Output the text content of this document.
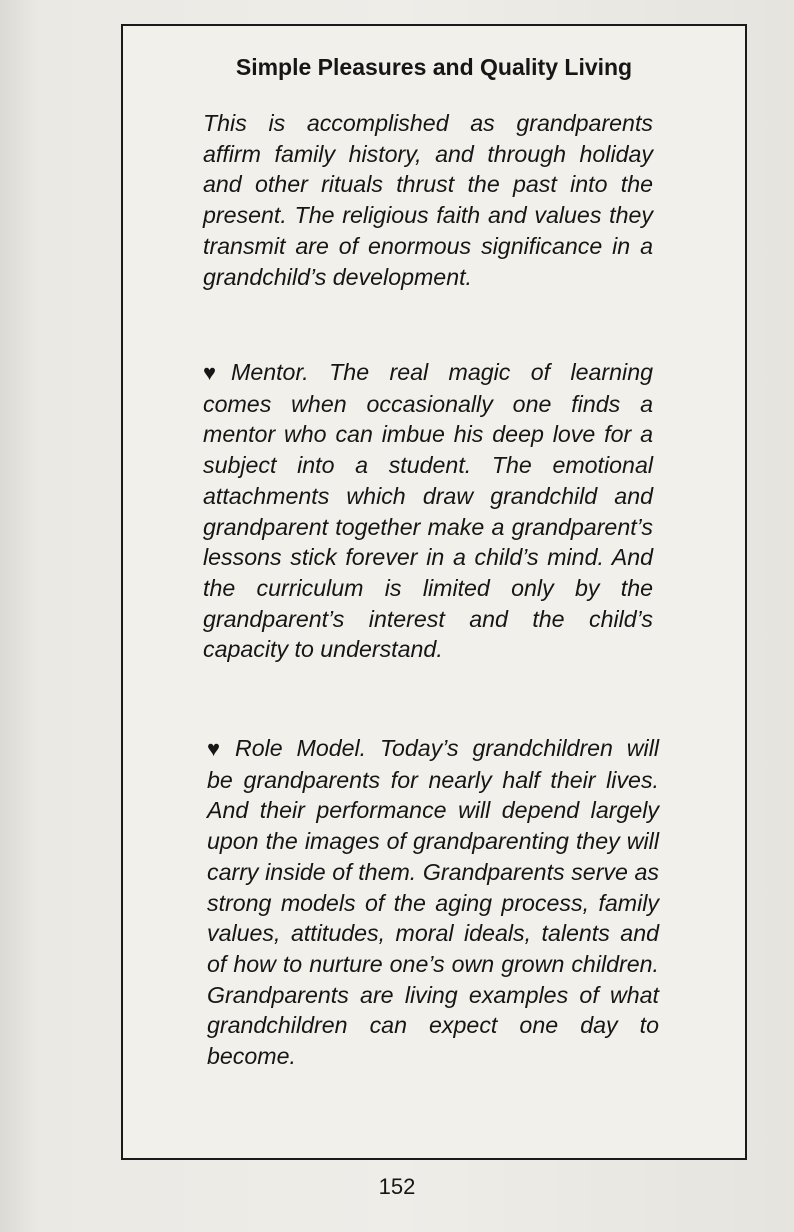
Simple Pleasures and Quality Living

This is accomplished as grandparents affirm family history, and through holiday and other rituals thrust the past into the present. The religious faith and values they transmit are of enormous significance in a grandchild’s development.

♥ Mentor. The real magic of learning comes when occasionally one finds a mentor who can imbue his deep love for a subject into a student. The emotional attachments which draw grandchild and grandparent together make a grandparent’s lessons stick forever in a child’s mind. And the curriculum is limited only by the grandparent’s interest and the child’s capacity to understand.

♥ Role Model. Today’s grandchildren will be grandparents for nearly half their lives. And their performance will depend largely upon the images of grandparenting they will carry inside of them. Grandparents serve as strong models of the aging process, family values, attitudes, moral ideals, talents and of how to nurture one’s own grown children. Grandparents are living examples of what grandchildren can expect one day to become.

152
